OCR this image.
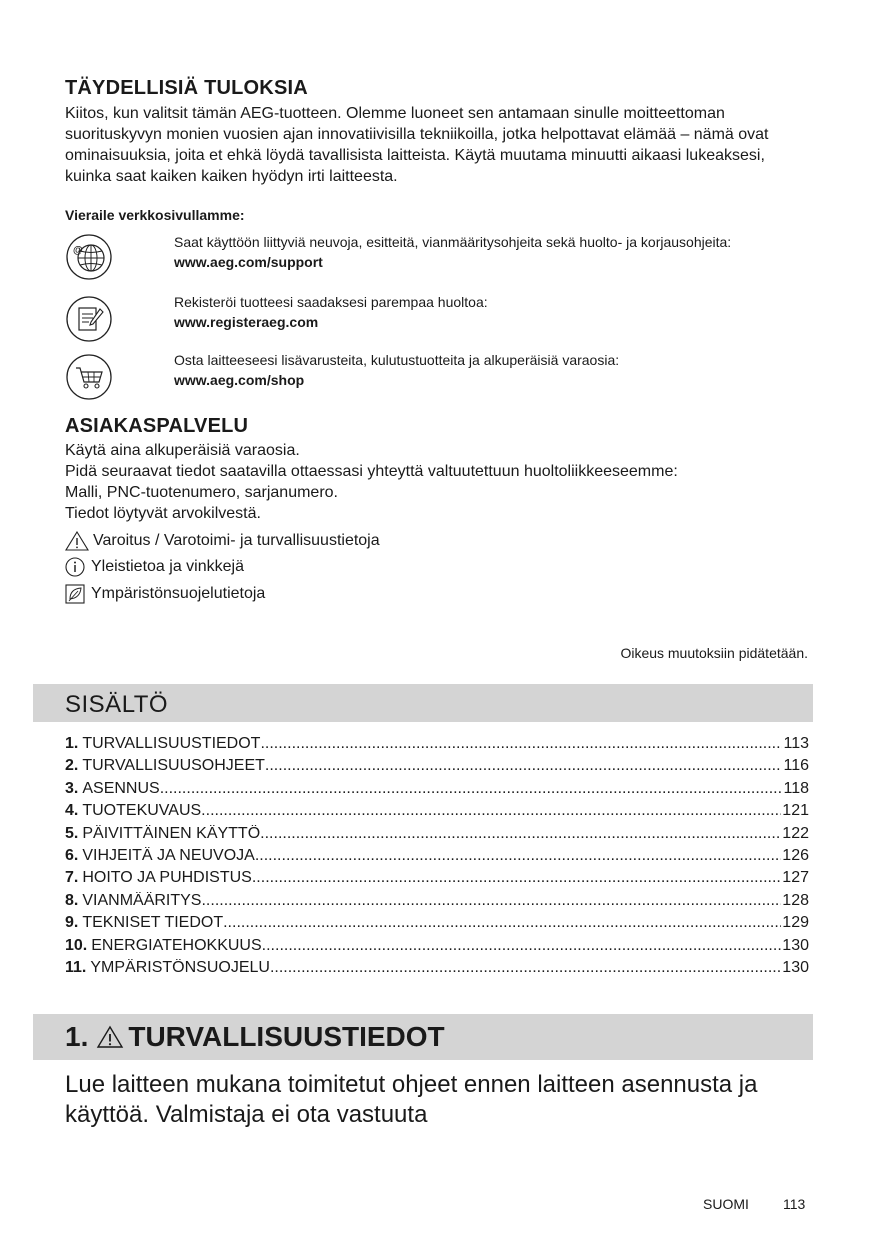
TÄYDELLISIÄ TULOKSIA
Kiitos, kun valitsit tämän AEG-tuotteen. Olemme luoneet sen antamaan sinulle moitteettoman suorituskyvyn monien vuosien ajan innovatiivisilla tekniikoilla, jotka helpottavat elämää – nämä ovat ominaisuuksia, joita et ehkä löydä tavallisista laitteista. Käytä muutama minuutti aikaasi lukeaksesi, kuinka saat kaiken kaiken hyödyn irti laitteesta.
Vieraile verkkosivullamme:
@
Saat käyttöön liittyviä neuvoja, esitteitä, vianmääritysohjeita sekä huolto- ja korjausohjeita:
www.aeg.com/support
Rekisteröi tuotteesi saadaksesi parempaa huoltoa:
www.registeraeg.com
Osta laitteeseesi lisävarusteita, kulutustuotteita ja alkuperäisiä varaosia:
www.aeg.com/shop
ASIAKASPALVELU
Käytä aina alkuperäisiä varaosia.
Pidä seuraavat tiedot saatavilla ottaessasi yhteyttä valtuutettuun huoltoliikkeeseemme:
Malli, PNC-tuotenumero, sarjanumero.
Tiedot löytyvät arvokilvestä.
Varoitus / Varotoimi- ja turvallisuustietoja
Yleistietoa ja vinkkejä
Ympäristönsuojelutietoja
Oikeus muutoksiin pidätetään.
SISÄLTÖ
1. TURVALLISUUSTIEDOT .....	113
2. TURVALLISUUSOHJEET .....	116
3. ASENNUS .....	118
4. TUOTEKUVAUS .....	121
5. PÄIVITTÄINEN KÄYTTÖ .....	122
6. VIHJEITÄ JA NEUVOJA .....	126
7. HOITO JA PUHDISTUS .....	127
8. VIANMÄÄRITYS .....	128
9. TEKNISET TIEDOT .....	129
10. ENERGIATEHOKKUUS .....	130
11. YMPÄRISTÖNSUOJELU .....	130
1. TURVALLISUUSTIEDOT
Lue laitteen mukana toimitetut ohjeet ennen laitteen asennusta ja käyttöä. Valmistaja ei ota vastuuta
SUOMI 113
